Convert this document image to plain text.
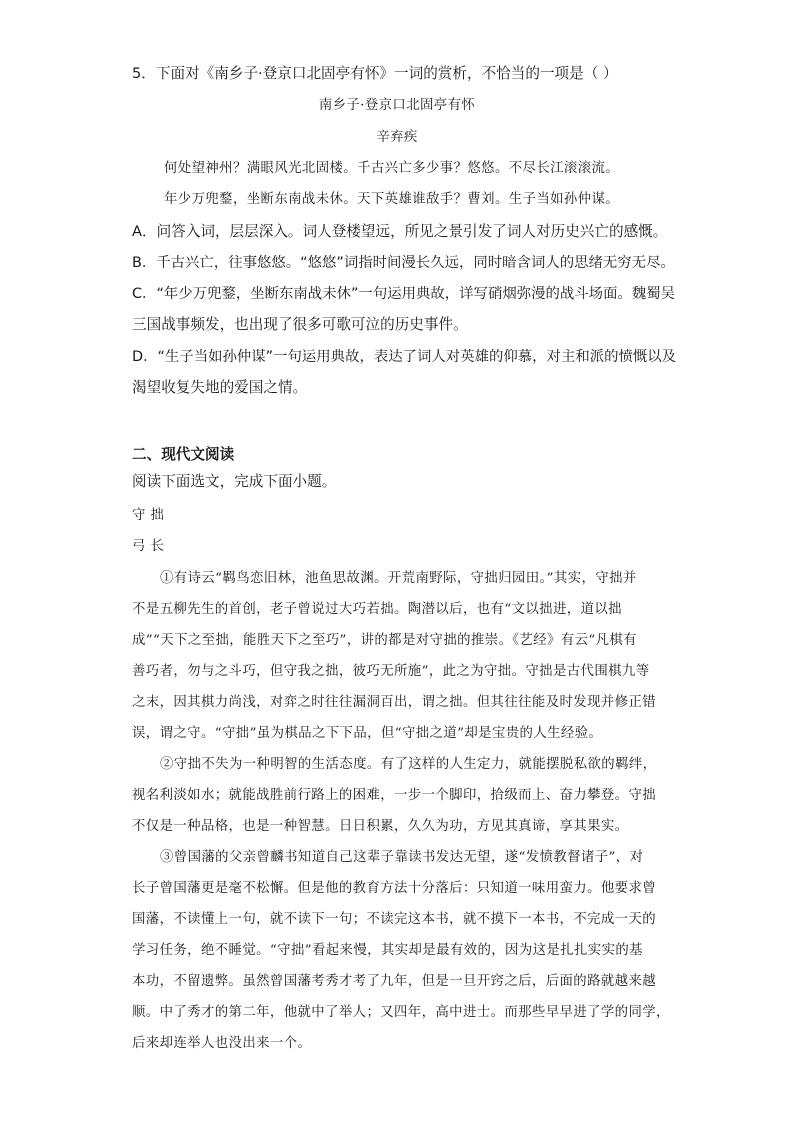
5．下面对《南乡子·登京口北固亭有怀》一词的赏析，不恰当的一项是（ ）
南乡子·登京口北固亭有怀
辛弃疾
何处望神州？满眼风光北固楼。千古兴亡多少事？悠悠。不尽长江滚滚流。
年少万兜鍪，坐断东南战未休。天下英雄谁敌手？曹刘。生子当如孙仲谋。
A．问答入词，层层深入。词人登楼望远，所见之景引发了词人对历史兴亡的感慨。
B．千古兴亡，往事悠悠。“悠悠”词指时间漫长久远，同时暗含词人的思绪无穷无尽。
C．“年少万兜鍪，坐断东南战未休”一句运用典故，详写硝烟弥漫的战斗场面。魏蜀吴
三国战事频发，也出现了很多可歌可泣的历史事件。
D．“生子当如孙仲谋”一句运用典故，表达了词人对英雄的仰慕，对主和派的愤慨以及
渴望收复失地的爱国之情。
二、现代文阅读
阅读下面选文，完成下面小题。
守 拙
弓 长
①有诗云“羁鸟恋旧林，池鱼思故渊。开荒南野际，守拙归园田。”其实，守拙并
不是五柳先生的首创，老子曾说过大巧若拙。陶潜以后，也有“文以拙进，道以拙
成”“天下之至拙，能胜天下之至巧”，讲的都是对守拙的推崇。《艺经》有云“凡棋有
善巧者，勿与之斗巧，但守我之拙，彼巧无所施”，此之为守拙。守拙是古代围棋九等
之末，因其棋力尚浅，对弈之时往往漏洞百出，谓之拙。但其往往能及时发现并修正错
误，谓之守。“守拙”虽为棋品之下下品，但“守拙之道”却是宝贵的人生经验。
②守拙不失为一种明智的生活态度。有了这样的人生定力，就能摆脱私欲的羁绊，
视名利淡如水；就能战胜前行路上的困难，一步一个脚印，拾级而上、奋力攀登。守拙
不仅是一种品格，也是一种智慧。日日积累，久久为功，方见其真谛，享其果实。
③曾国藩的父亲曾麟书知道自己这辈子靠读书发达无望，遂“发愤教督诸子”，对
长子曾国藩更是毫不松懈。但是他的教育方法十分落后：只知道一味用蛮力。他要求曾
国藩，不读懂上一句，就不读下一句；不读完这本书，就不摸下一本书，不完成一天的
学习任务，绝不睡觉。“守拙”看起来慢，其实却是最有效的，因为这是扎扎实实的基
本功，不留遗弊。虽然曾国藩考秀才考了九年，但是一旦开窍之后，后面的路就越来越
顺。中了秀才的第二年，他就中了举人；又四年，高中进士。而那些早早进了学的同学，
后来却连举人也没出来一个。
